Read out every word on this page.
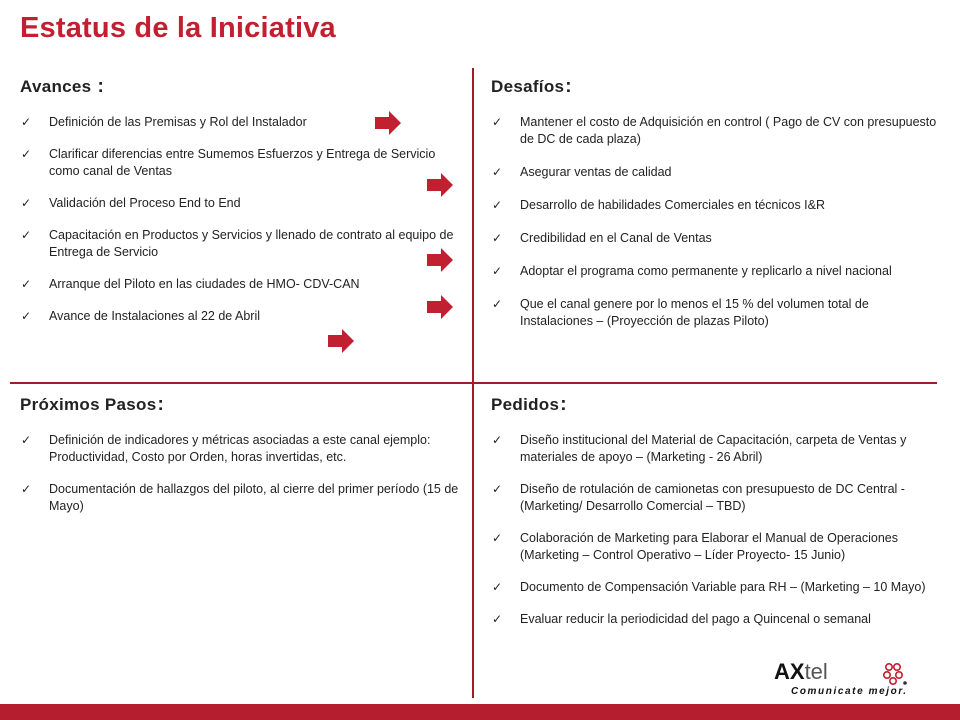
Estatus de la Iniciativa
Avances :
✓ Definición de las Premisas y Rol del Instalador
✓ Clarificar diferencias entre Sumemos Esfuerzos y Entrega de Servicio como canal de Ventas
✓ Validación del Proceso End to End
✓ Capacitación en Productos y Servicios y llenado de contrato al equipo de Entrega de Servicio
✓ Arranque del Piloto en las ciudades de HMO- CDV-CAN
✓ Avance de Instalaciones al 22 de Abril
Desafíos:
✓ Mantener el costo de Adquisición en control ( Pago de CV con presupuesto de DC de cada plaza)
✓ Asegurar ventas de calidad
✓ Desarrollo de habilidades Comerciales en técnicos I&R
✓ Credibilidad en el Canal de Ventas
✓ Adoptar el programa como permanente y replicarlo a nivel nacional
✓ Que el canal genere por lo menos el 15 % del volumen total de Instalaciones – (Proyección de plazas Piloto)
Próximos Pasos:
✓ Definición de indicadores y métricas asociadas a este canal ejemplo: Productividad, Costo por Orden, horas invertidas, etc.
✓ Documentación de hallazgos del piloto, al cierre del primer período (15 de Mayo)
Pedidos:
✓ Diseño institucional del Material de Capacitación, carpeta de Ventas y materiales de apoyo – (Marketing - 26 Abril)
✓ Diseño de rotulación de camionetas con presupuesto de DC Central - (Marketing/ Desarrollo Comercial – TBD)
✓ Colaboración de Marketing para Elaborar el Manual de Operaciones (Marketing – Control Operativo – Líder Proyecto- 15 Junio)
✓ Documento de Compensación Variable para RH – (Marketing – 10 Mayo)
✓ Evaluar reducir la periodicidad del pago a Quincenal o semanal
AXtel
Comunicate mejor.
